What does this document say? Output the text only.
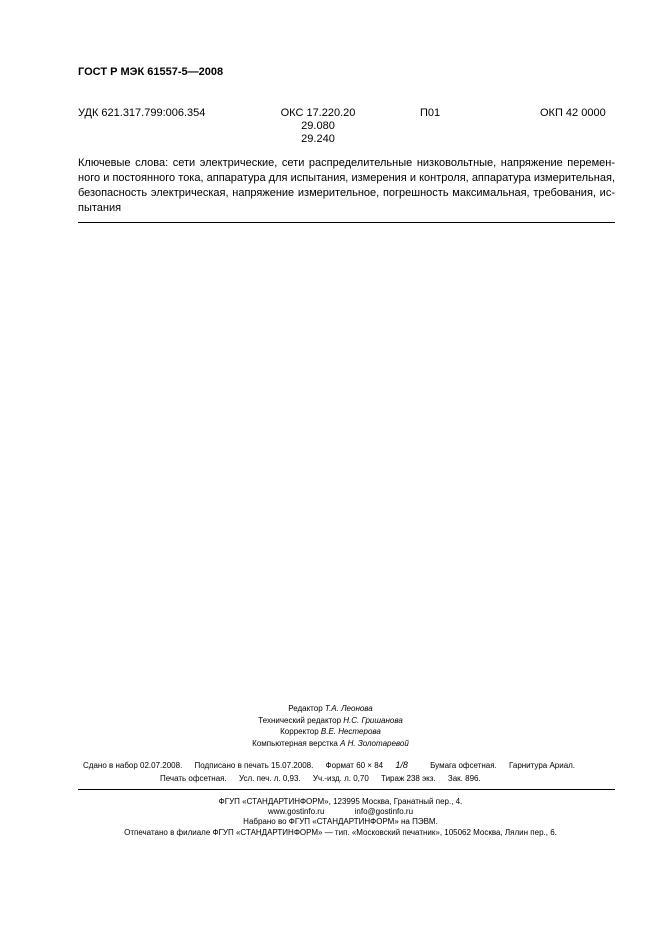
ГОСТ Р МЭК 61557-5—2008
УДК 621.317.799:006.354	ОКС 17.220.20
29.080
29.240
П01	ОКП 42 0000
Ключевые слова: сети электрические, сети распределительные низковольтные, напряжение перемен-
ного и постоянного тока, аппаратура для испытания, измерения и контроля, аппаратура измерительная,
безопасность электрическая, напряжение измерительное, погрешность максимальная, требования, ис-
пытания
Редактор Т.А. Леонова
Технический редактор Н.С. Гришанова
Корректор В.Е. Нестерова
Компьютерная верстка А Н. Золотаревой
Сдано в набор 02.07.2008. Подписано в печать 15.07.2008. Формат 60 × 84 1/8	Бумага офсетная. Гарнитура Ариал.
Печать офсетная. Усл. печ. л. 0,93. Уч.-изд. л. 0,70 Тираж 238 экз. Зак. 896.
ФГУП «СТАНДАРТИНФОРМ», 123995 Москва, Гранатный пер., 4.
www.gostinfo.ru	info@gostinfo.ru
Набрано во ФГУП «СТАНДАРТИНФОРМ» на ПЭВМ.
Отпечатано в филиале ФГУП «СТАНДАРТИНФОРМ» — тип. «Московский печатник», 105062 Москва, Лялин пер., 6.
